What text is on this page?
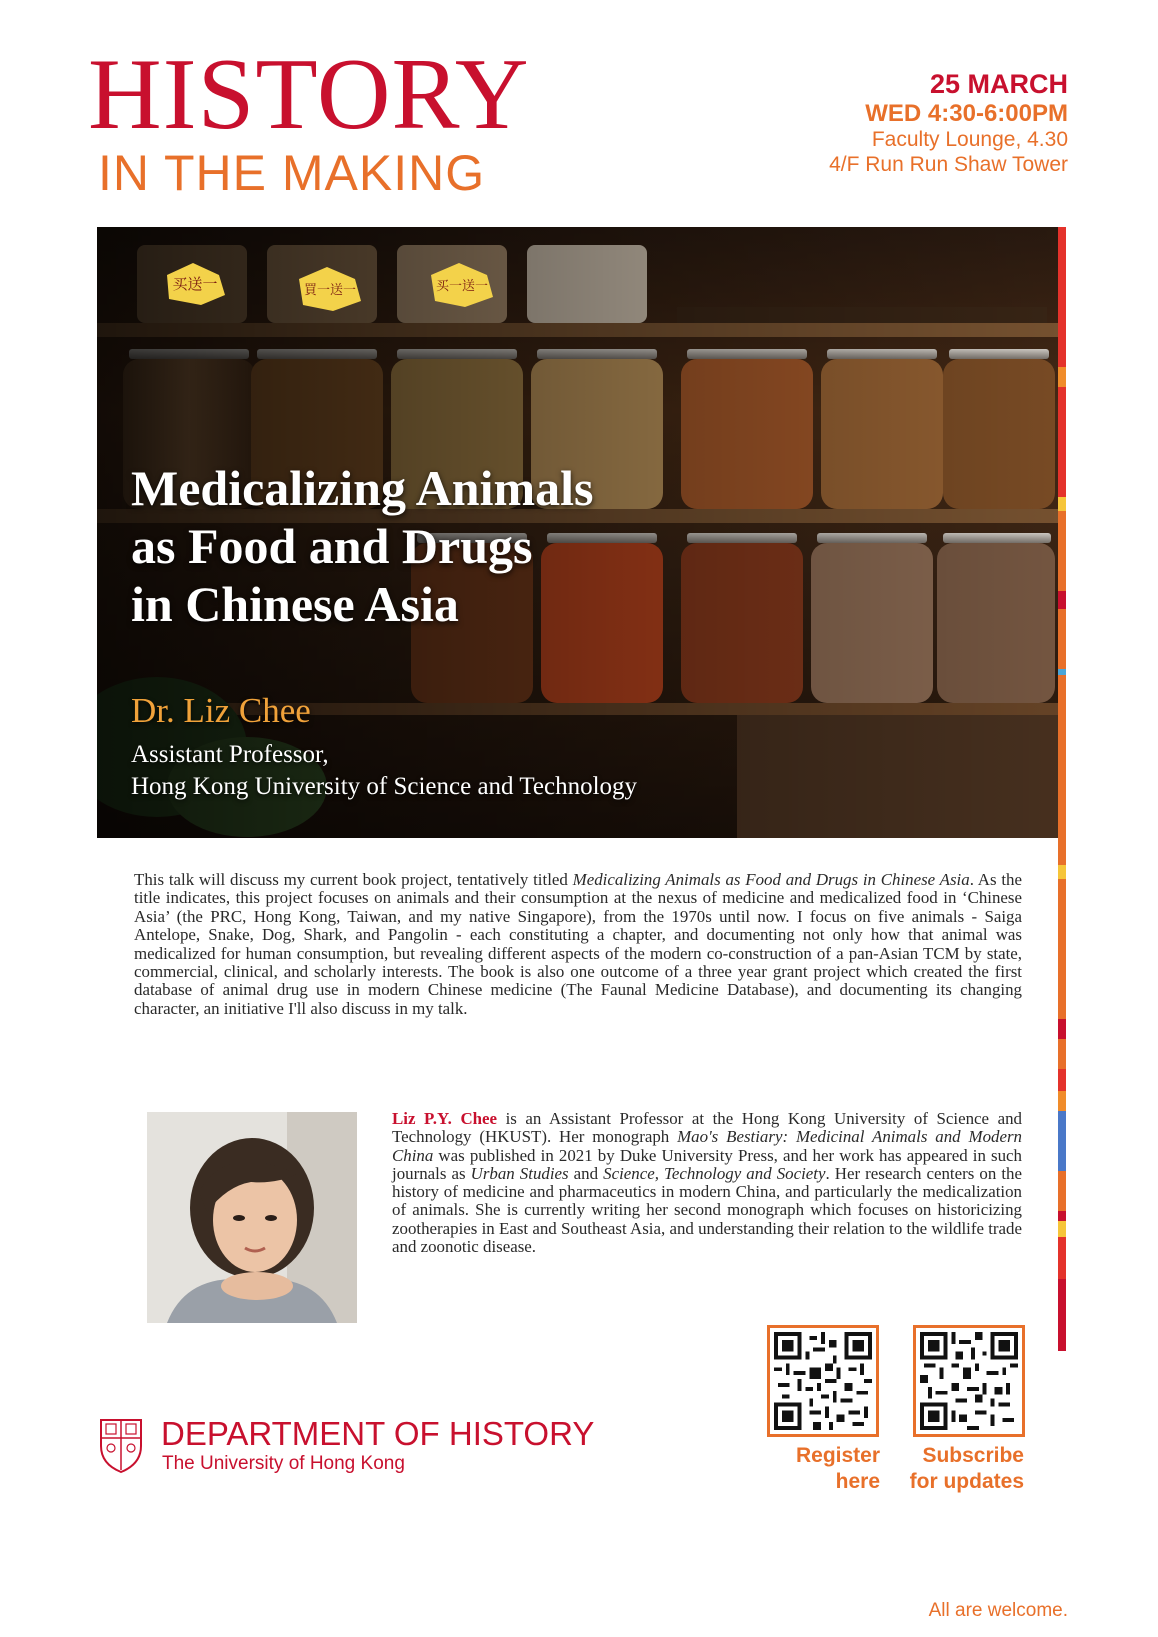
HISTORY
IN THE MAKING
25 MARCH
WED 4:30-6:00PM
Faculty Lounge, 4.30
4/F Run Run Shaw Tower
买送一	買一送一	买一送一
Medicalizing Animals
as Food and Drugs
in Chinese Asia
Dr. Liz Chee
Assistant Professor,
Hong Kong University of Science and Technology
This talk will discuss my current book project, tentatively titled Medicalizing Animals as Food and Drugs in Chinese Asia. As the title indicates, this project focuses on animals and their consumption at the nexus of medicine and medicalized food in ‘Chinese Asia’ (the PRC, Hong Kong, Taiwan, and my native Singapore), from the 1970s until now. I focus on five animals - Saiga Antelope, Snake, Dog, Shark, and Pangolin - each constituting a chapter, and documenting not only how that animal was medicalized for human consumption, but revealing different aspects of the modern co-construction of a pan-Asian TCM by state, commercial, clinical, and scholarly interests. The book is also one outcome of a three year grant project which created the first database of animal drug use in modern Chinese medicine (The Faunal Medicine Database), and documenting its changing character, an initiative I'll also discuss in my talk.
Liz P.Y. Chee is an Assistant Professor at the Hong Kong University of Science and Technology (HKUST). Her monograph Mao's Bestiary: Medicinal Animals and Modern China was published in 2021 by Duke University Press, and her work has appeared in such journals as Urban Studies and Science, Technology and Society. Her research centers on the history of medicine and pharmaceutics in modern China, and particularly the medicalization of animals. She is currently writing her second monograph which focuses on historicizing zootherapies in East and Southeast Asia, and understanding their relation to the wildlife trade and zoonotic disease.
DEPARTMENT OF HISTORY
The University of Hong Kong	Register
here
Subscribe
for updates
All are welcome.
